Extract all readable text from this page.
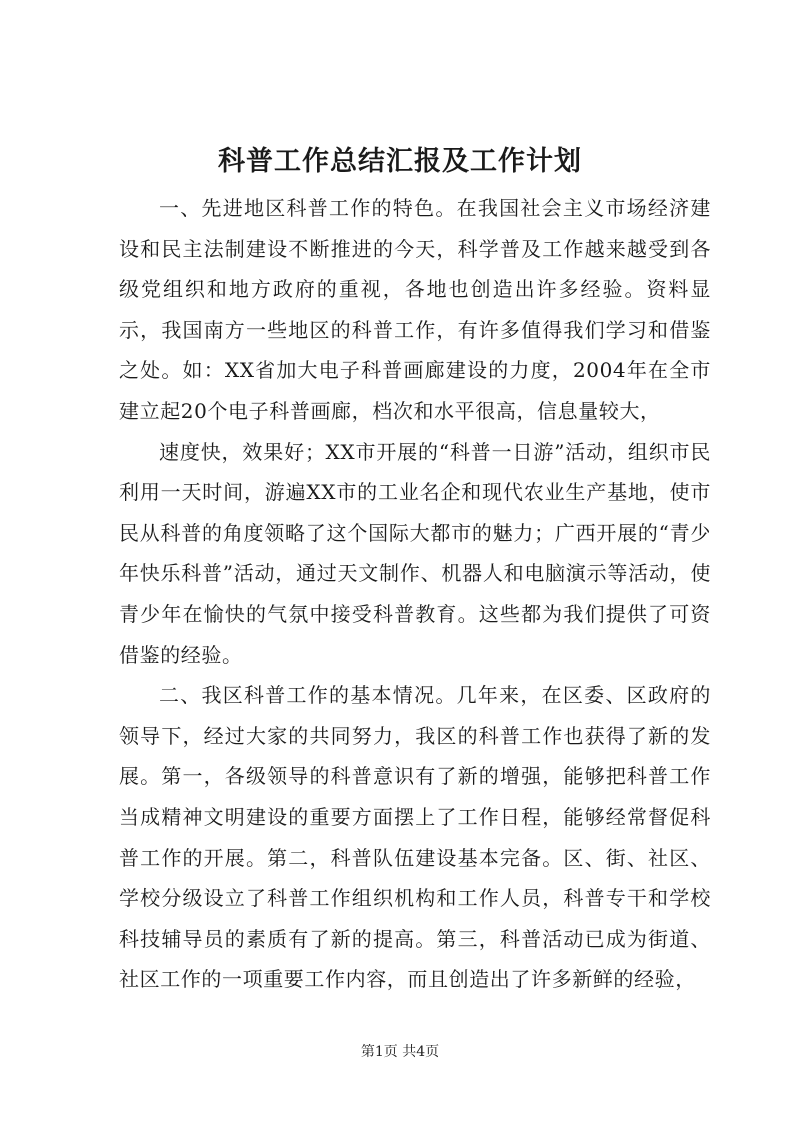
科普工作总结汇报及工作计划

一、先进地区科普工作的特色。在我国社会主义市场经济建设和民主法制建设不断推进的今天，科学普及工作越来越受到各级党组织和地方政府的重视，各地也创造出许多经验。资料显示，我国南方一些地区的科普工作，有许多值得我们学习和借鉴之处。如：XX省加大电子科普画廊建设的力度，2004年在全市建立起20个电子科普画廊，档次和水平很高，信息量较大，

速度快，效果好；XX市开展的“科普一日游”活动，组织市民利用一天时间，游遍XX市的工业名企和现代农业生产基地，使市民从科普的角度领略了这个国际大都市的魅力；广西开展的“青少年快乐科普”活动，通过天文制作、机器人和电脑演示等活动，使青少年在愉快的气氛中接受科普教育。这些都为我们提供了可资借鉴的经验。

二、我区科普工作的基本情况。几年来，在区委、区政府的领导下，经过大家的共同努力，我区的科普工作也获得了新的发展。第一，各级领导的科普意识有了新的增强，能够把科普工作当成精神文明建设的重要方面摆上了工作日程，能够经常督促科普工作的开展。第二，科普队伍建设基本完备。区、街、社区、学校分级设立了科普工作组织机构和工作人员，科普专干和学校科技辅导员的素质有了新的提高。第三，科普活动已成为街道、社区工作的一项重要工作内容，而且创造出了许多新鲜的经验，

第1页 共4页
